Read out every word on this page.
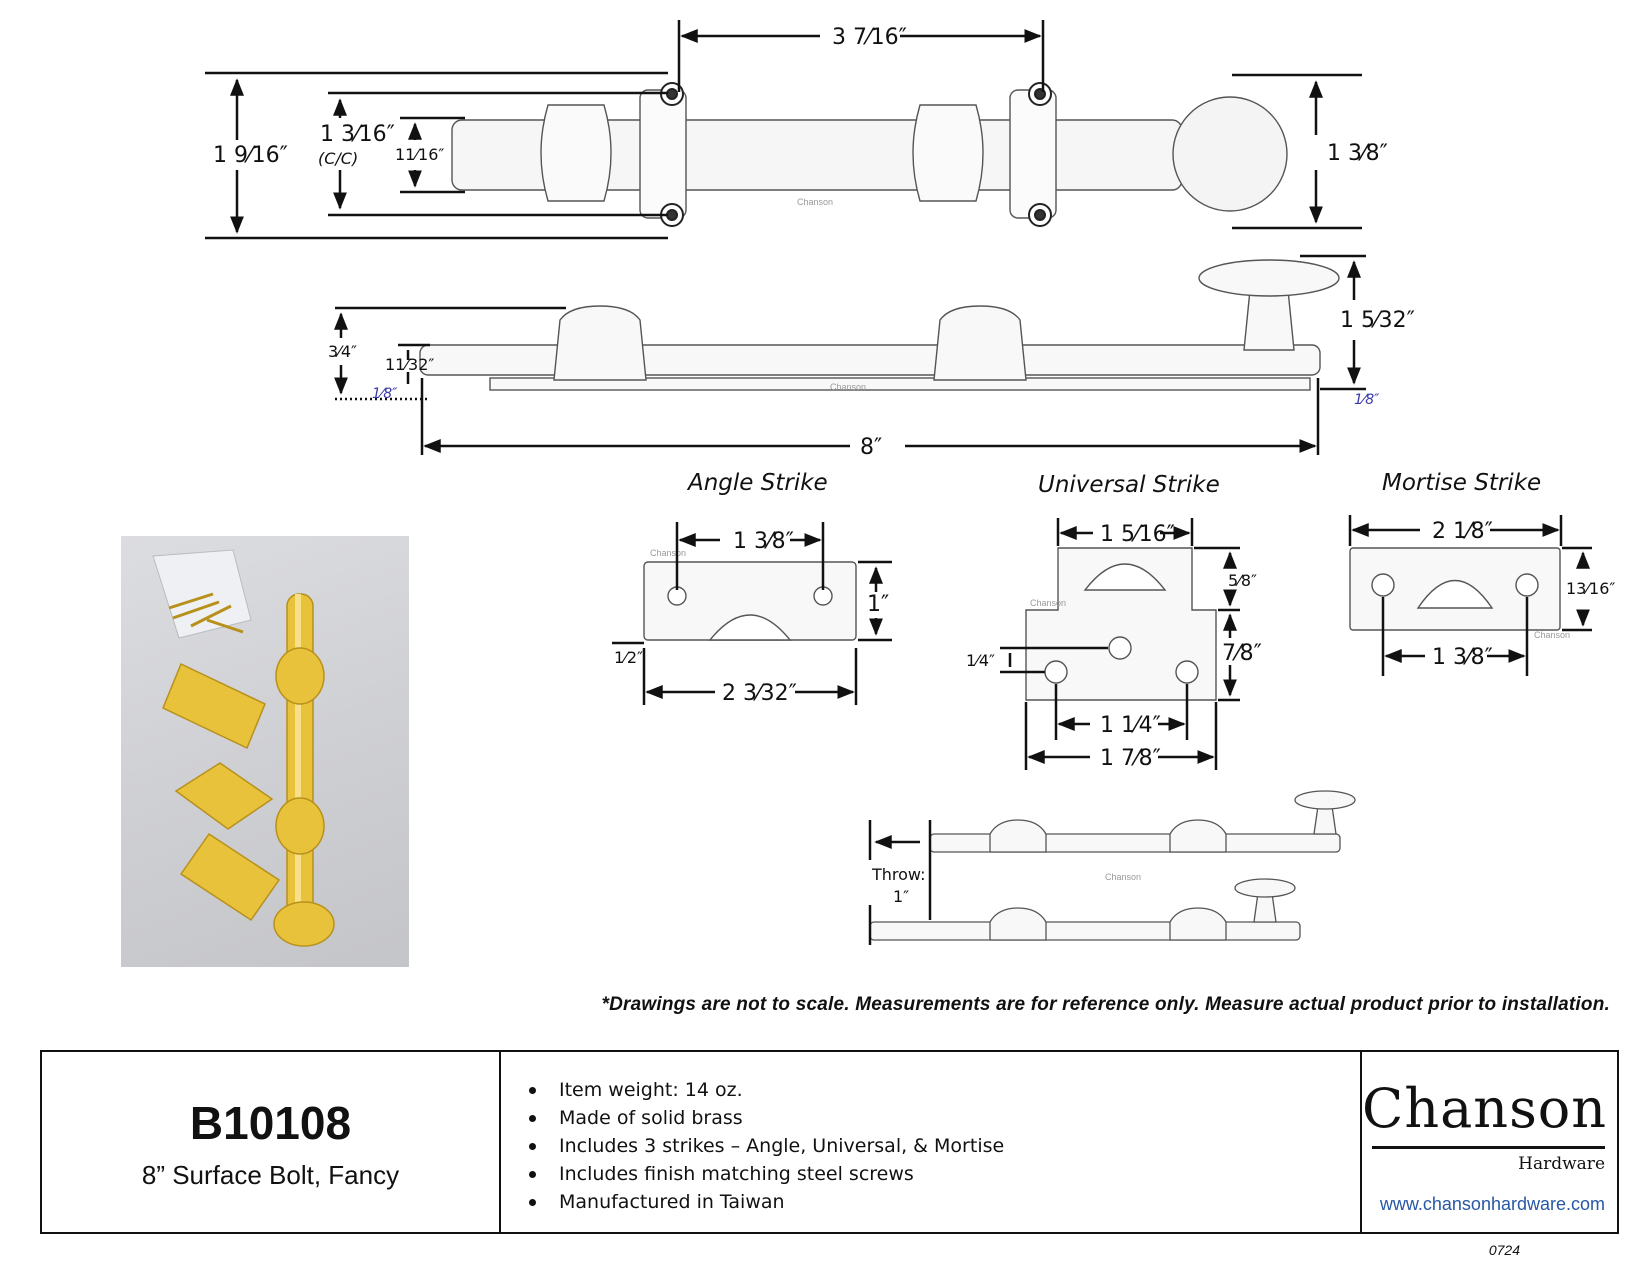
Chanson
3 7⁄16″
1 9⁄16″
1 3⁄16″
(C/C) 11⁄16″	1 3⁄8″
Chanson
3⁄4″
11⁄32″
1⁄8″	1⁄8″
1 5⁄32″
8″
Angle Strike
Chanson 1 3⁄8″
1″
1⁄2″
2 3⁄32″
Universal Strike
Chanson
1 5⁄16″
5⁄8″
7⁄8″
1⁄4″
1 1⁄4″
1 7⁄8″
Mortise Strike
Chanson
2 1⁄8″
13⁄16″
1 3⁄8″
Chanson
Throw:
1″
*Drawings are not to scale. Measurements are for reference only. Measure actual product prior to installation.
B10108
8” Surface Bolt, Fancy
Item weight: 14 oz.
Made of solid brass
Includes 3 strikes – Angle, Universal, & Mortise
Includes finish matching steel screws
Manufactured in Taiwan
Chanson
Hardware
www.chansonhardware.com
0724
